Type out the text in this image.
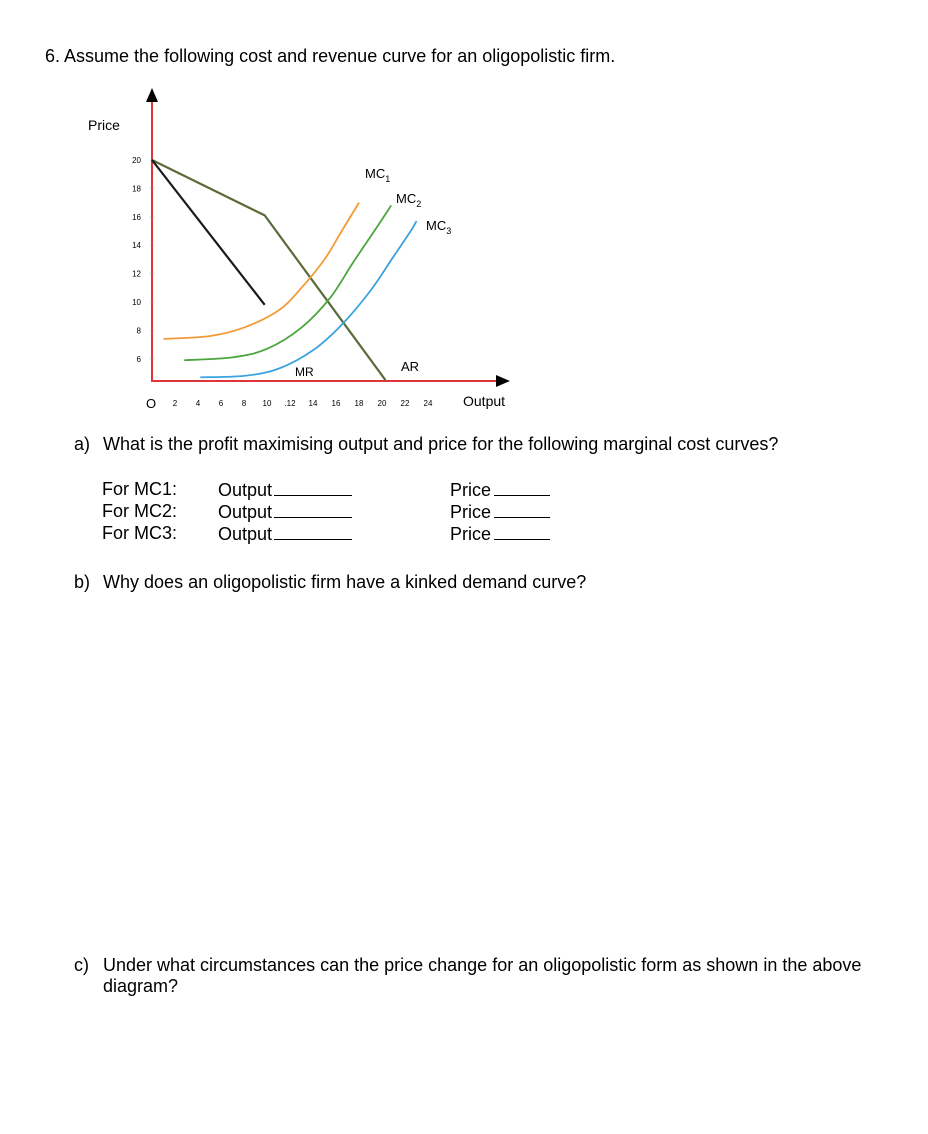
6. Assume the following cost and revenue curve for an oligopolistic firm.
20
18
16
14
12
10
8
6
2 4 6 8 10 .12 14 16 18 20 22 24
AR
MR
$MC_1$
$MC_2$
$MC_3$
Price
Output
O
a) What is the profit maximising output and price for the following marginal cost curves?
For MC1:
For MC2:
For MC3:
Output
Output
Output
Price
Price
Price
b) Why does an oligopolistic firm have a kinked demand curve?
c) Under what circumstances can the price change for an oligopolistic form as shown in the above diagram?
